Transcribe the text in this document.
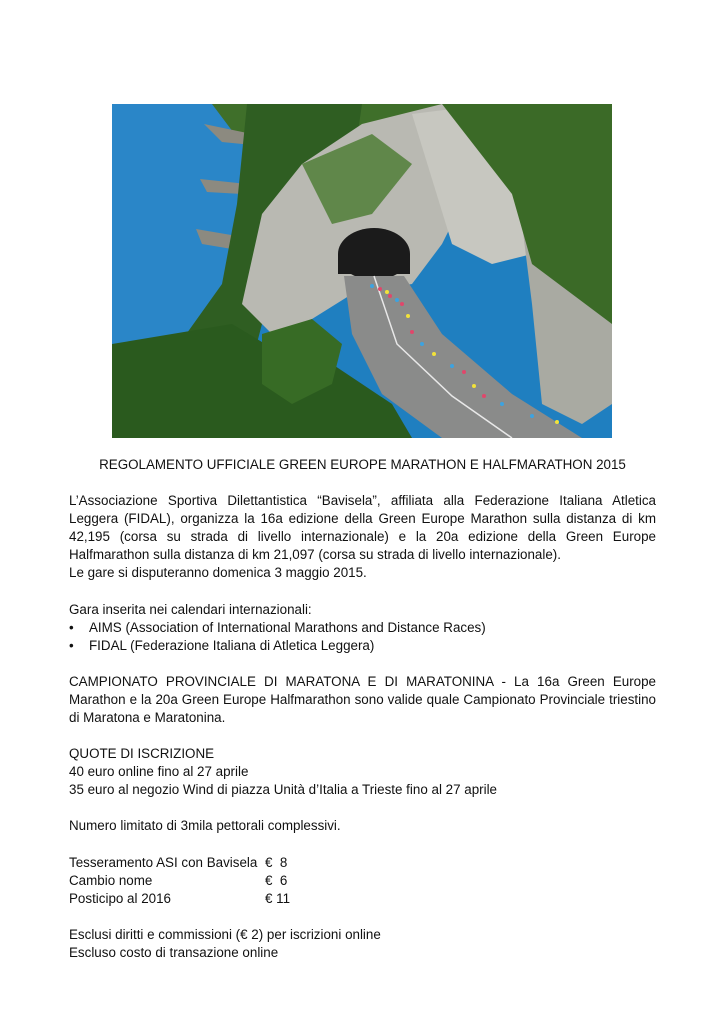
REGOLAMENTO UFFICIALE GREEN EUROPE MARATHON E HALFMARATHON 2015

L’Associazione Sportiva Dilettantistica “Bavisela”, affiliata alla Federazione Italiana Atletica Leggera (FIDAL), organizza la 16a edizione della Green Europe Marathon sulla distanza di km 42,195 (corsa su strada di livello internazionale) e la 20a edizione della Green Europe Halfmarathon sulla distanza di km 21,097 (corsa su strada di livello internazionale).

Le gare si disputeranno domenica 3 maggio 2015.

Gara inserita nei calendari internazionali:

• AIMS (Association of International Marathons and Distance Races)
• FIDAL (Federazione Italiana di Atletica Leggera)

CAMPIONATO PROVINCIALE DI MARATONA E DI MARATONINA - La 16a Green Europe Marathon e la 20a Green Europe Halfmarathon sono valide quale Campionato Provinciale triestino di Maratona e Maratonina.

QUOTE DI ISCRIZIONE

40 euro online fino al 27 aprile

35 euro al negozio Wind di piazza Unità d’Italia a Trieste fino al 27 aprile

Numero limitato di 3mila pettorali complessivi.

Tesseramento ASI con Bavisela €  8
Cambio nome	€  6
Posticipo al 2016	€ 11

Esclusi diritti e commissioni (€ 2) per iscrizioni online

Escluso costo di transazione online
